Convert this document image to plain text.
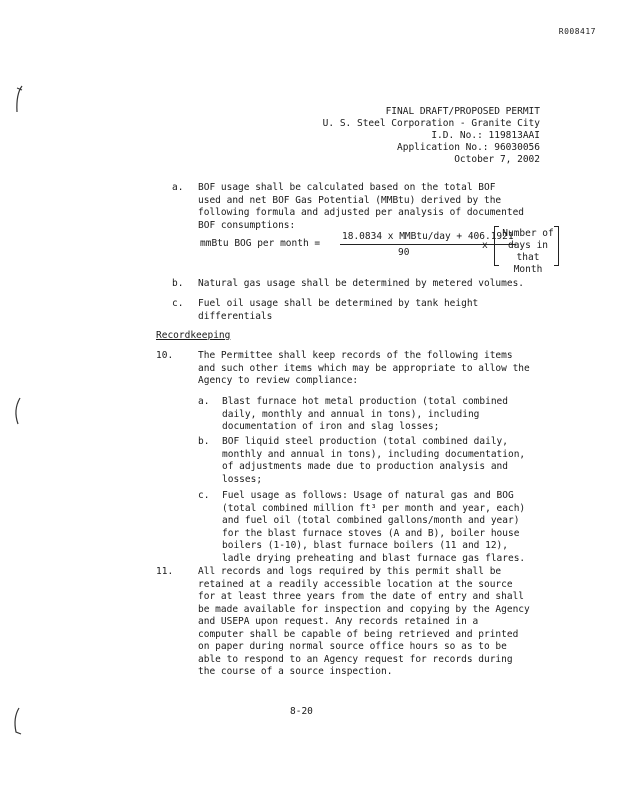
R008417
FINAL DRAFT/PROPOSED PERMIT
U. S. Steel Corporation - Granite City
I.D. No.: 119813AAI
Application No.: 96030056
October 7, 2002
a. BOF usage shall be calculated based on the total BOF
used and net BOF Gas Potential (MMBtu) derived by the
following formula and adjusted per analysis of documented
BOF consumptions:
mmBtu BOG per month =
18.0834 x MMBtu/day + 406.1921
90
x
Number of
days in
that Month
b. Natural gas usage shall be determined by metered volumes.
c. Fuel oil usage shall be determined by tank height
differentials
Recordkeeping
10.	The Permittee shall keep records of the following items
and such other items which may be appropriate to allow the
Agency to review compliance:
a. Blast furnace hot metal production (total combined
daily, monthly and annual in tons), including
documentation of iron and slag losses;
b. BOF liquid steel production (total combined daily,
monthly and annual in tons), including documentation,
of adjustments made due to production analysis and
losses;
c. Fuel usage as follows: Usage of natural gas and BOG
(total combined million ft³ per month and year, each)
and fuel oil (total combined gallons/month and year)
for the blast furnace stoves (A and B), boiler house
boilers (1-10), blast furnace boilers (11 and 12),
ladle drying preheating and blast furnace gas flares.
11.	All records and logs required by this permit shall be
retained at a readily accessible location at the source
for at least three years from the date of entry and shall
be made available for inspection and copying by the Agency
and USEPA upon request. Any records retained in a
computer shall be capable of being retrieved and printed
on paper during normal source office hours so as to be
able to respond to an Agency request for records during
the course of a source inspection.
8-20
